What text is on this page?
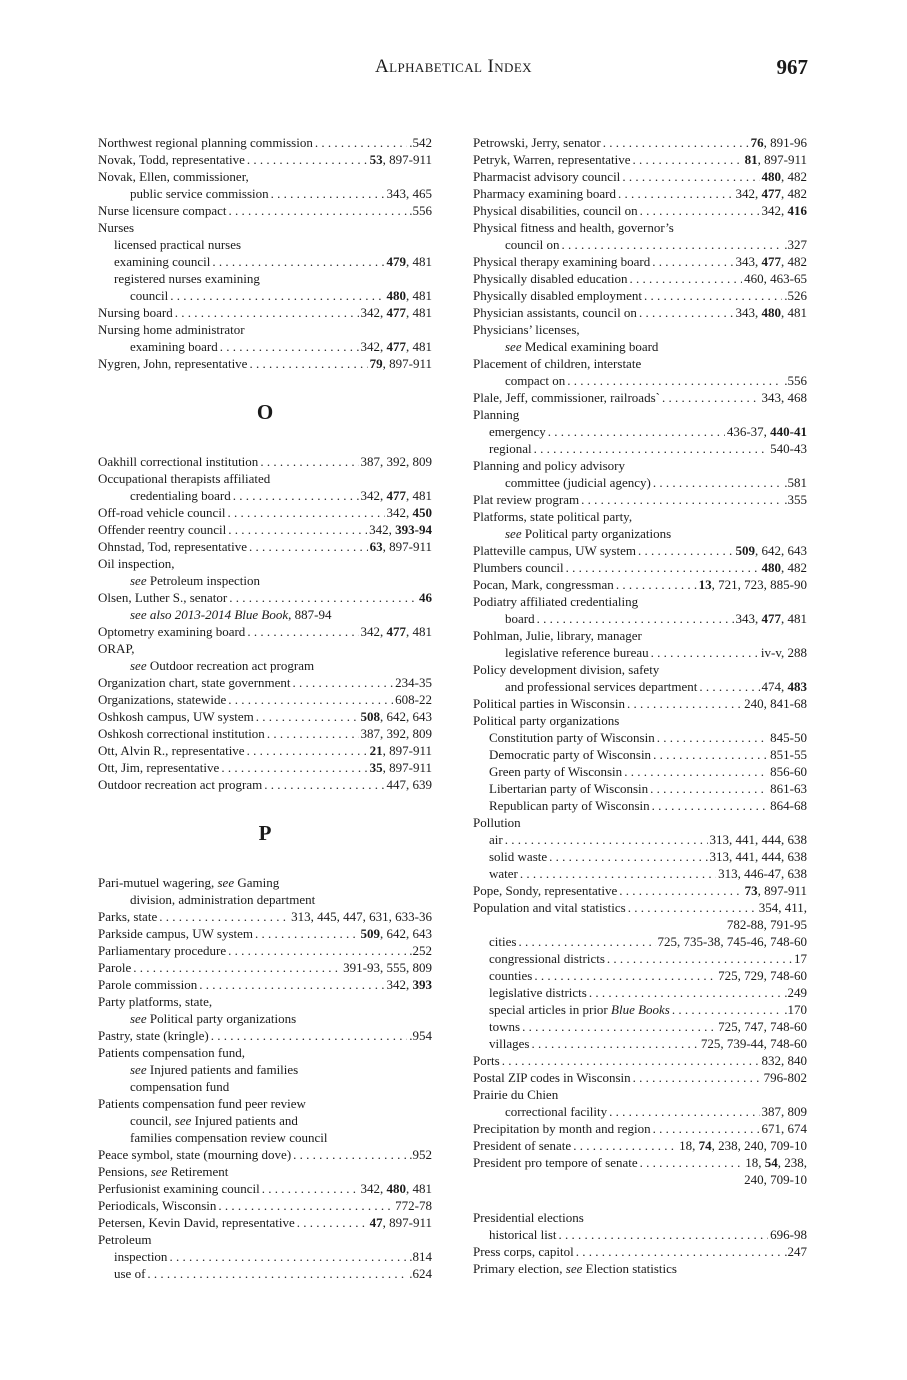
Alphabetical Index	967
Northwest regional planning commission . . .	.542
Novak, Todd, representative . . .	53, 897-911
Novak, Ellen, commissioner,
public service commission . . .	343, 465
Nurse licensure compact . . .	.556
Nurses
licensed practical nurses
examining council . . .	479, 481
registered nurses examining
council . . .	480, 481
Nursing board . . .	342, 477, 481
Nursing home administrator
examining board . . .	342, 477, 481
Nygren, John, representative . . .	79, 897-911
O
Oakhill correctional institution . . .	387, 392, 809
Occupational therapists affiliated
credentialing board . . .	342, 477, 481
Off-road vehicle council . . .	342, 450
Offender reentry council . . .	342, 393-94
Ohnstad, Tod, representative . . .	63, 897-911
Oil inspection,
see Petroleum inspection
Olsen, Luther S., senator . . .	46
see also 2013-2014 Blue Book, 887-94
Optometry examining board . . .	342, 477, 481
ORAP,
see Outdoor recreation act program
Organization chart, state government . . .	234-35
Organizations, statewide . . .	608-22
Oshkosh campus, UW system . . .	508, 642, 643
Oshkosh correctional institution . . .	387, 392, 809
Ott, Alvin R., representative . . .	21, 897-911
Ott, Jim, representative . . .	35, 897-911
Outdoor recreation act program . . .	447, 639
P
Pari-mutuel wagering, see Gaming
division, administration department
Parks, state . . .	313, 445, 447, 631, 633-36
Parkside campus, UW system . . .	509, 642, 643
Parliamentary procedure . . .	.252
Parole . . .	391-93, 555, 809
Parole commission . . .	342, 393
Party platforms, state,
see Political party organizations
Pastry, state (kringle) . . .	.954
Patients compensation fund,
see Injured patients and families
compensation fund
Patients compensation fund peer review
council, see Injured patients and
families compensation review council
Peace symbol, state (mourning dove) . . .	.952
Pensions, see Retirement
Perfusionist examining council . . .	342, 480, 481
Periodicals, Wisconsin . . .	772-78
Petersen, Kevin David, representative . . .	47, 897-911
Petroleum
inspection . . .	.814
use of . . .	.624
Petrowski, Jerry, senator . . .	76, 891-96
Petryk, Warren, representative . . .	81, 897-911
Pharmacist advisory council . . .	480, 482
Pharmacy examining board . . .	342, 477, 482
Physical disabilities, council on . . .	342, 416
Physical fitness and health, governor’s
council on . . .	.327
Physical therapy examining board . . .	343, 477, 482
Physically disabled education . . .	460, 463-65
Physically disabled employment . . .	.526
Physician assistants, council on . . .	343, 480, 481
Physicians’ licenses,
see Medical examining board
Placement of children, interstate
compact on . . .	.556
Plale, Jeff, commissioner, railroads` . . .	343, 468
Planning
emergency . . .	436-37, 440-41
regional . . .	540-43
Planning and policy advisory
committee (judicial agency) . . .	.581
Plat review program . . .	.355
Platforms, state political party,
see Political party organizations
Platteville campus, UW system . . .	509, 642, 643
Plumbers council . . .	480, 482
Pocan, Mark, congressman . . .	13, 721, 723, 885-90
Podiatry affiliated credentialing
board . . .	343, 477, 481
Pohlman, Julie, library, manager
legislative reference bureau . . .	iv-v, 288
Policy development division, safety
and professional services department . . .	474, 483
Political parties in Wisconsin . . .	240, 841-68
Political party organizations
Constitution party of Wisconsin . . .	845-50
Democratic party of Wisconsin . . .	851-55
Green party of Wisconsin . . .	856-60
Libertarian party of Wisconsin . . .	861-63
Republican party of Wisconsin . . .	864-68
Pollution
air . . .	313, 441, 444, 638
solid waste . . .	313, 441, 444, 638
water . . .	313, 446-47, 638
Pope, Sondy, representative . . .	73, 897-911
Population and vital statistics . . .	354, 411,
782-88, 791-95
cities . . .	725, 735-38, 745-46, 748-60
congressional districts . . .	17
counties . . .	725, 729, 748-60
legislative districts . . .	.249
special articles in prior Blue Books . . .	.170
towns . . .	725, 747, 748-60
villages . . .	725, 739-44, 748-60
Ports . . .	832, 840
Postal ZIP codes in Wisconsin . . .	796-802
Prairie du Chien
correctional facility . . .	387, 809
Precipitation by month and region . . .	671, 674
President of senate . . .	18, 74, 238, 240, 709-10
President pro tempore of senate . . .	18, 54, 238,
240, 709-10
Presidential elections
historical list . . .	696-98
Press corps, capitol . . .	.247
Primary election, see Election statistics
